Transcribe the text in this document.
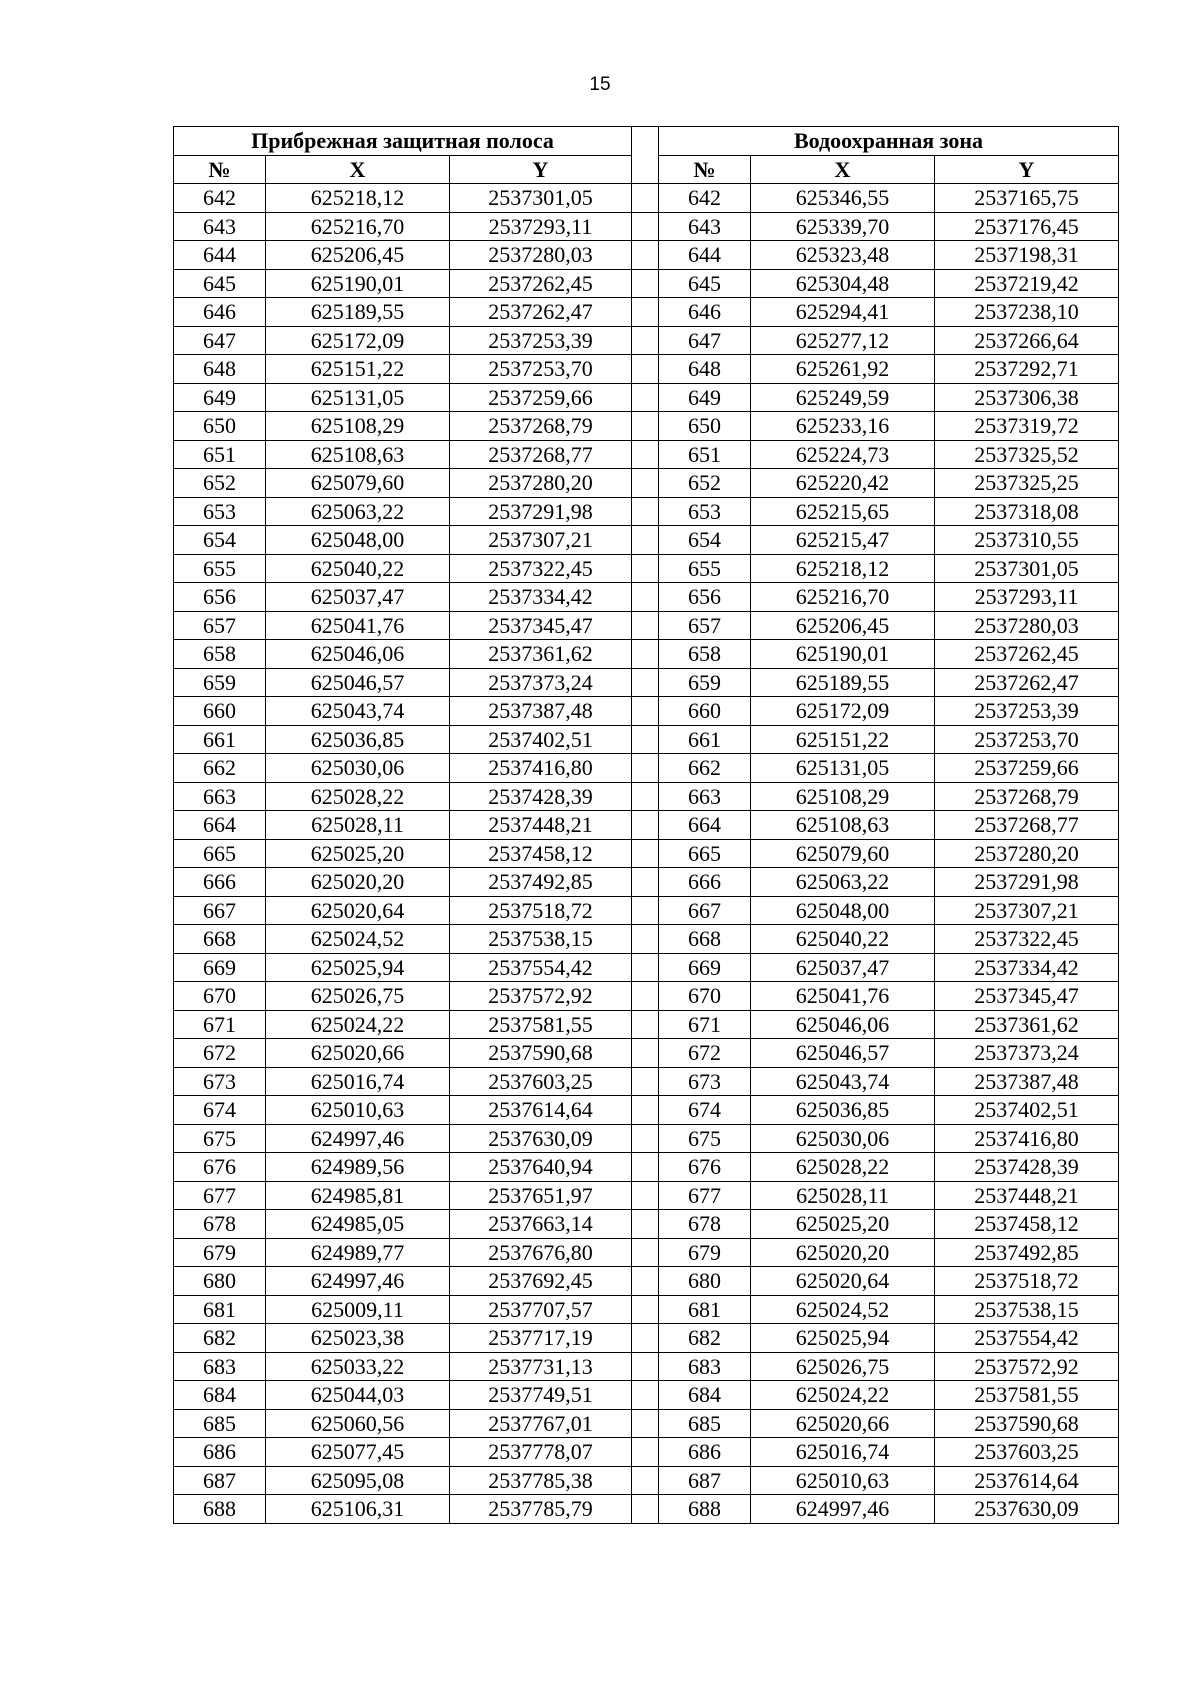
15
Прибрежная защитная полоса				Водоохранная зона		
№	X	Y		№	X	Y
642	625218,12	2537301,05		642	625346,55	2537165,75
643	625216,70	2537293,11		643	625339,70	2537176,45
644	625206,45	2537280,03		644	625323,48	2537198,31
645	625190,01	2537262,45		645	625304,48	2537219,42
646	625189,55	2537262,47		646	625294,41	2537238,10
647	625172,09	2537253,39		647	625277,12	2537266,64
648	625151,22	2537253,70		648	625261,92	2537292,71
649	625131,05	2537259,66		649	625249,59	2537306,38
650	625108,29	2537268,79		650	625233,16	2537319,72
651	625108,63	2537268,77		651	625224,73	2537325,52
652	625079,60	2537280,20		652	625220,42	2537325,25
653	625063,22	2537291,98		653	625215,65	2537318,08
654	625048,00	2537307,21		654	625215,47	2537310,55
655	625040,22	2537322,45		655	625218,12	2537301,05
656	625037,47	2537334,42		656	625216,70	2537293,11
657	625041,76	2537345,47		657	625206,45	2537280,03
658	625046,06	2537361,62		658	625190,01	2537262,45
659	625046,57	2537373,24		659	625189,55	2537262,47
660	625043,74	2537387,48		660	625172,09	2537253,39
661	625036,85	2537402,51		661	625151,22	2537253,70
662	625030,06	2537416,80		662	625131,05	2537259,66
663	625028,22	2537428,39		663	625108,29	2537268,79
664	625028,11	2537448,21		664	625108,63	2537268,77
665	625025,20	2537458,12		665	625079,60	2537280,20
666	625020,20	2537492,85		666	625063,22	2537291,98
667	625020,64	2537518,72		667	625048,00	2537307,21
668	625024,52	2537538,15		668	625040,22	2537322,45
669	625025,94	2537554,42		669	625037,47	2537334,42
670	625026,75	2537572,92		670	625041,76	2537345,47
671	625024,22	2537581,55		671	625046,06	2537361,62
672	625020,66	2537590,68		672	625046,57	2537373,24
673	625016,74	2537603,25		673	625043,74	2537387,48
674	625010,63	2537614,64		674	625036,85	2537402,51
675	624997,46	2537630,09		675	625030,06	2537416,80
676	624989,56	2537640,94		676	625028,22	2537428,39
677	624985,81	2537651,97		677	625028,11	2537448,21
678	624985,05	2537663,14		678	625025,20	2537458,12
679	624989,77	2537676,80		679	625020,20	2537492,85
680	624997,46	2537692,45		680	625020,64	2537518,72
681	625009,11	2537707,57		681	625024,52	2537538,15
682	625023,38	2537717,19		682	625025,94	2537554,42
683	625033,22	2537731,13		683	625026,75	2537572,92
684	625044,03	2537749,51		684	625024,22	2537581,55
685	625060,56	2537767,01		685	625020,66	2537590,68
686	625077,45	2537778,07		686	625016,74	2537603,25
687	625095,08	2537785,38		687	625010,63	2537614,64
688	625106,31	2537785,79		688	624997,46	2537630,09
